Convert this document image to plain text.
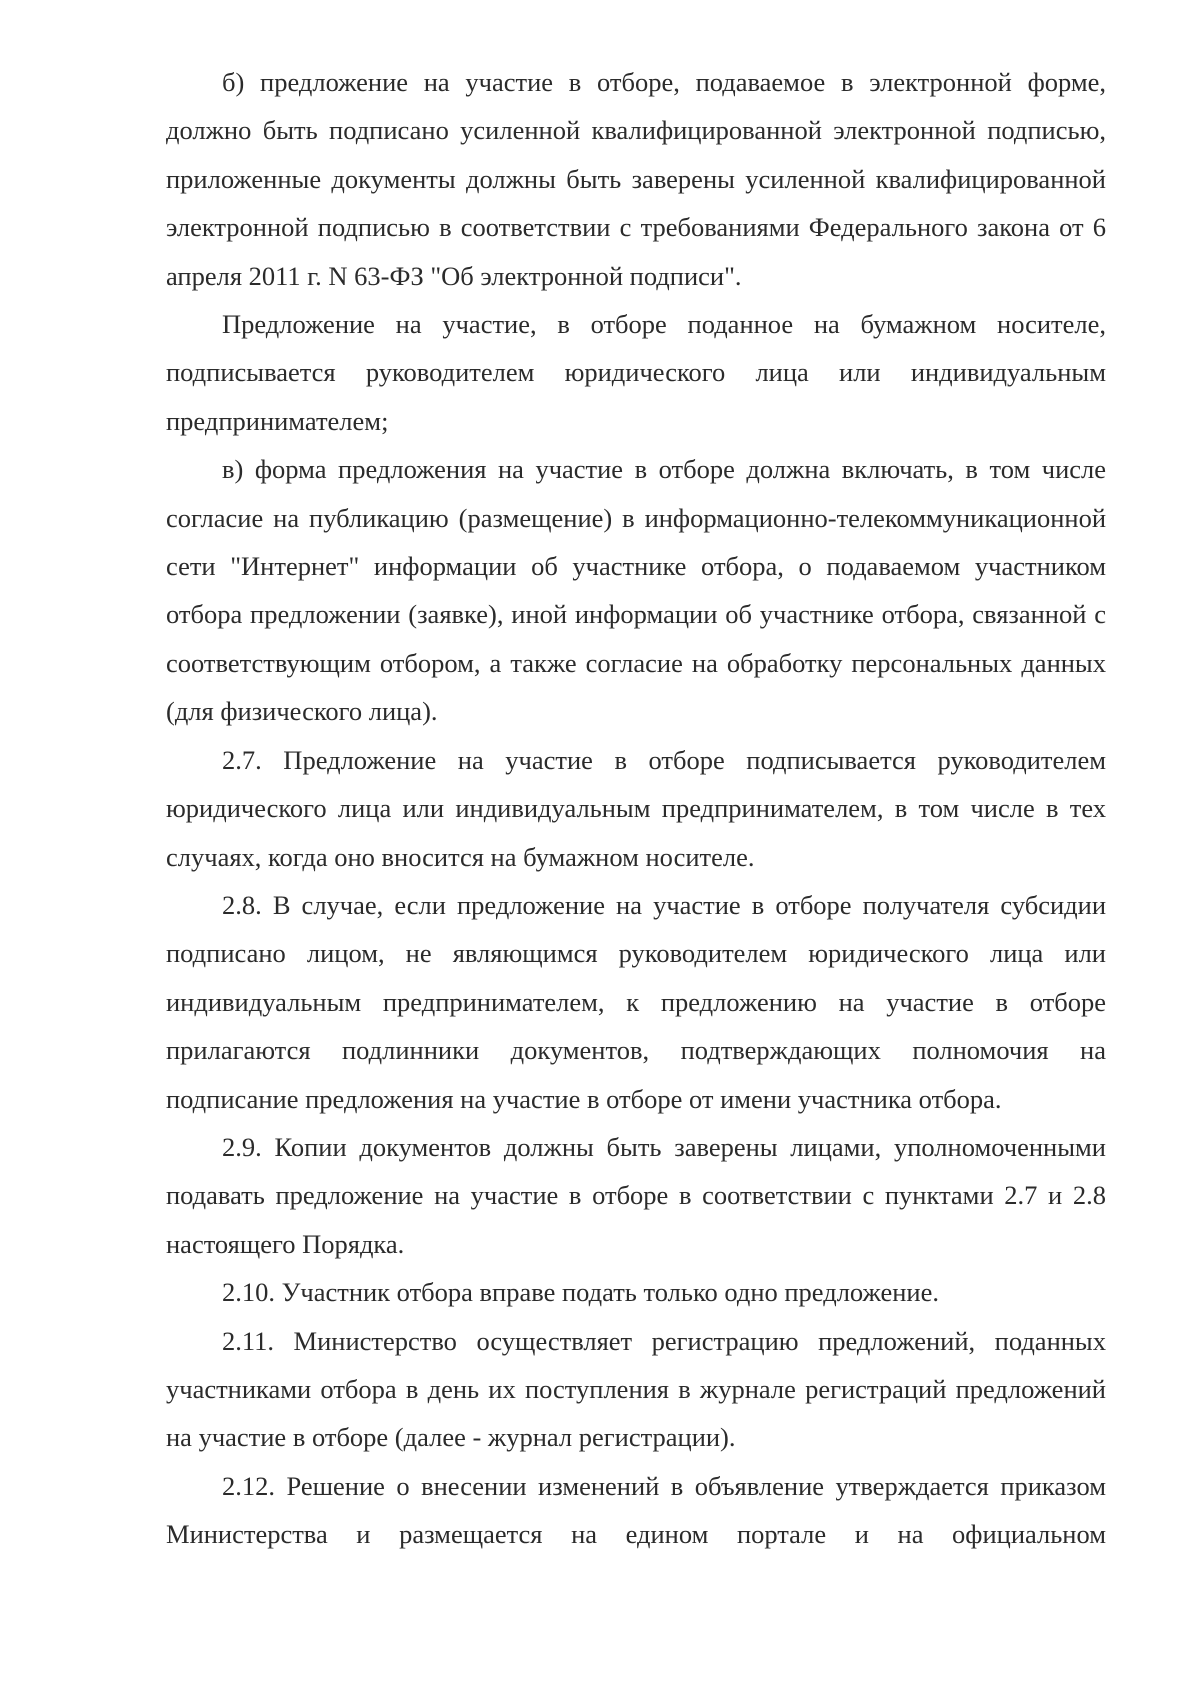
б) предложение на участие в отборе, подаваемое в электронной форме, должно быть подписано усиленной квалифицированной электронной подписью, приложенные документы должны быть заверены усиленной квалифицированной электронной подписью в соответствии с требованиями Федерального закона от 6 апреля 2011 г. N 63-ФЗ "Об электронной подписи".

Предложение на участие, в отборе поданное на бумажном носителе, подписывается руководителем юридического лица или индивидуальным предпринимателем;

в) форма предложения на участие в отборе должна включать, в том числе согласие на публикацию (размещение) в информационно-телекоммуникационной сети "Интернет" информации об участнике отбора, о подаваемом участником отбора предложении (заявке), иной информации об участнике отбора, связанной с соответствующим отбором, а также согласие на обработку персональных данных (для физического лица).

2.7. Предложение на участие в отборе подписывается руководителем юридического лица или индивидуальным предпринимателем, в том числе в тех случаях, когда оно вносится на бумажном носителе.

2.8. В случае, если предложение на участие в отборе получателя субсидии подписано лицом, не являющимся руководителем юридического лица или индивидуальным предпринимателем, к предложению на участие в отборе прилагаются подлинники документов, подтверждающих полномочия на подписание предложения на участие в отборе от имени участника отбора.

2.9. Копии документов должны быть заверены лицами, уполномоченными подавать предложение на участие в отборе в соответствии с пунктами 2.7 и 2.8 настоящего Порядка.

2.10. Участник отбора вправе подать только одно предложение.

2.11. Министерство осуществляет регистрацию предложений, поданных участниками отбора в день их поступления в журнале регистраций предложений на участие в отборе (далее - журнал регистрации).

2.12. Решение о внесении изменений в объявление утверждается приказом Министерства и размещается на едином портале и на официальном
